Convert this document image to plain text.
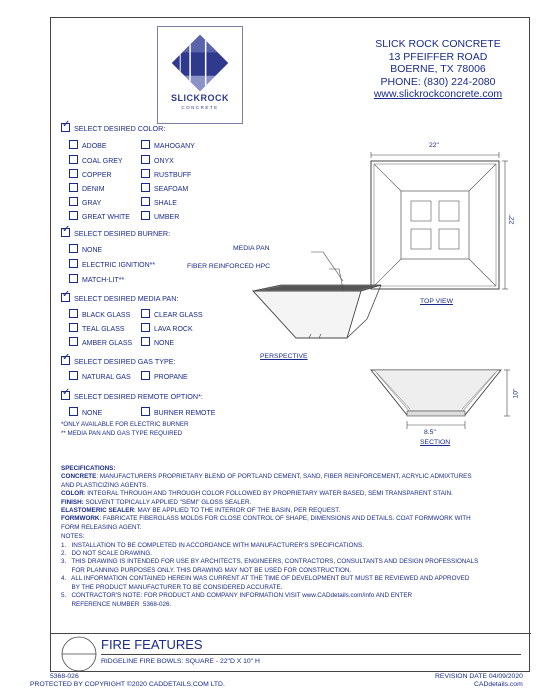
SLICKROCK
CONCRETE
SLICK ROCK CONCRETE
13 PFEIFFER ROAD
BOERNE, TX 78006
PHONE: (830) 224-2080
www.slickrockconcrete.com
✓SELECT DESIRED COLOR:
ADOBE	MAHOGANY
COAL GREY	ONYX
COPPER	RUSTBUFF
DENIM	SEAFOAM
GRAY	SHALE
GREAT WHITE	UMBER
✓SELECT DESIRED BURNER:
NONE
ELECTRIC IGNITION**
MATCH-LIT**
✓SELECT DESIRED MEDIA PAN:
BLACK GLASS	CLEAR GLASS
TEAL GLASS	LAVA ROCK
AMBER GLASS	NONE
✓SELECT DESIRED GAS TYPE:
NATURAL GAS	PROPANE
✓SELECT DESIRED REMOTE OPTION*:
NONE	BURNER REMOTE
*ONLY AVAILABLE FOR ELECTRIC BURNER
** MEDIA PAN AND GAS TYPE REQUIRED
22"
22"
TOP VIEW
MEDIA PAN
FIBER REINFORCED HPC
PERSPECTIVE
10"
8.5"
SECTION
SPECIFICATIONS:
CONCRETE: MANUFACTURERS PROPRIETARY BLEND OF PORTLAND CEMENT, SAND, FIBER REINFORCEMENT, ACRYLIC ADMIXTURES
AND PLASTICIZING AGENTS.
COLOR: INTEGRAL THROUGH AND THROUGH COLOR FOLLOWED BY PROPRIETARY WATER BASED, SEMI TRANSPARENT STAIN.
FINISH: SOLVENT TOPICALLY APPLIED "SEMI" GLOSS SEALER.
ELASTOMERIC SEALER: MAY BE APPLIED TO THE INTERIOR OF THE BASIN, PER REQUEST.
FORMWORK: FABRICATE FIBERGLASS MOLDS FOR CLOSE CONTROL OF SHAPE, DIMENSIONS AND DETAILS. COAT FORMWORK WITH
FORM RELEASING AGENT.
NOTES:
1.   INSTALLATION TO BE COMPLETED IN ACCORDANCE WITH MANUFACTURER'S SPECIFICATIONS.
2.   DO NOT SCALE DRAWING.
3.   THIS DRAWING IS INTENDED FOR USE BY ARCHITECTS, ENGINEERS, CONTRACTORS, CONSULTANTS AND DESIGN PROFESSIONALS
FOR PLANNING PURPOSES ONLY. THIS DRAWING MAY NOT BE USED FOR CONSTRUCTION.
4.   ALL INFORMATION CONTAINED HEREIN WAS CURRENT AT THE TIME OF DEVELOPMENT BUT MUST BE REVIEWED AND APPROVED
BY THE PRODUCT MANUFACTURER TO BE CONSIDERED ACCURATE.
5.   CONTRACTOR'S NOTE: FOR PRODUCT AND COMPANY INFORMATION VISIT www.CADdetails.com/info AND ENTER
REFERENCE NUMBER  5368-026.
FIRE FEATURES
RIDGELINE FIRE BOWLS: SQUARE - 22"D X 10" H
5368-026	REVISION DATE 04/09/2020
PROTECTED BY COPYRIGHT ©2020 CADDETAILS.COM LTD.	CADdetails.com
